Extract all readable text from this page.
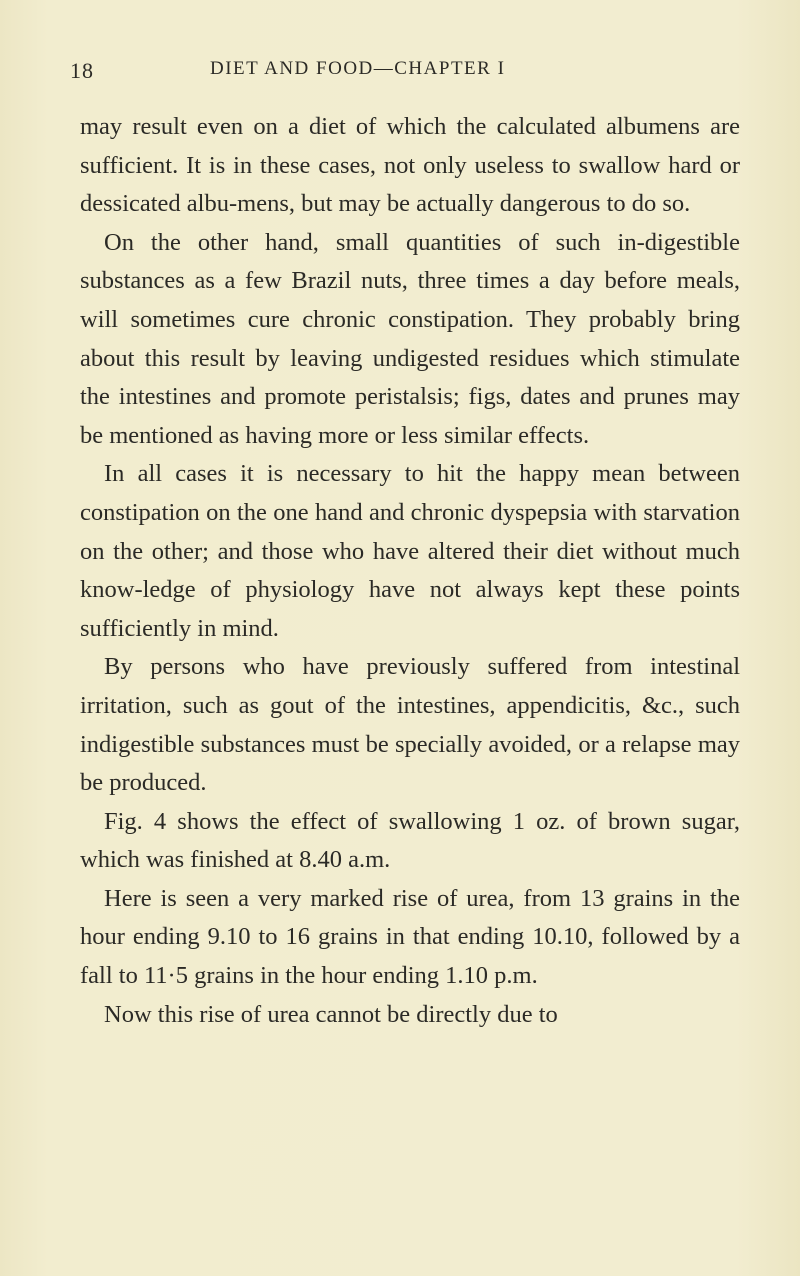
18	DIET AND FOOD—CHAPTER I

may result even on a diet of which the calculated albumens are sufficient. It is in these cases, not only useless to swallow hard or dessicated albu-mens, but may be actually dangerous to do so.

On the other hand, small quantities of such in-digestible substances as a few Brazil nuts, three times a day before meals, will sometimes cure chronic constipation. They probably bring about this result by leaving undigested residues which stimulate the intestines and promote peristalsis; figs, dates and prunes may be mentioned as having more or less similar effects.

In all cases it is necessary to hit the happy mean between constipation on the one hand and chronic dyspepsia with starvation on the other; and those who have altered their diet without much know-ledge of physiology have not always kept these points sufficiently in mind.

By persons who have previously suffered from intestinal irritation, such as gout of the intestines, appendicitis, &c., such indigestible substances must be specially avoided, or a relapse may be produced.

Fig. 4 shows the effect of swallowing 1 oz. of brown sugar, which was finished at 8.40 a.m.

Here is seen a very marked rise of urea, from 13 grains in the hour ending 9.10 to 16 grains in that ending 10.10, followed by a fall to 11·5 grains in the hour ending 1.10 p.m.

Now this rise of urea cannot be directly due to
